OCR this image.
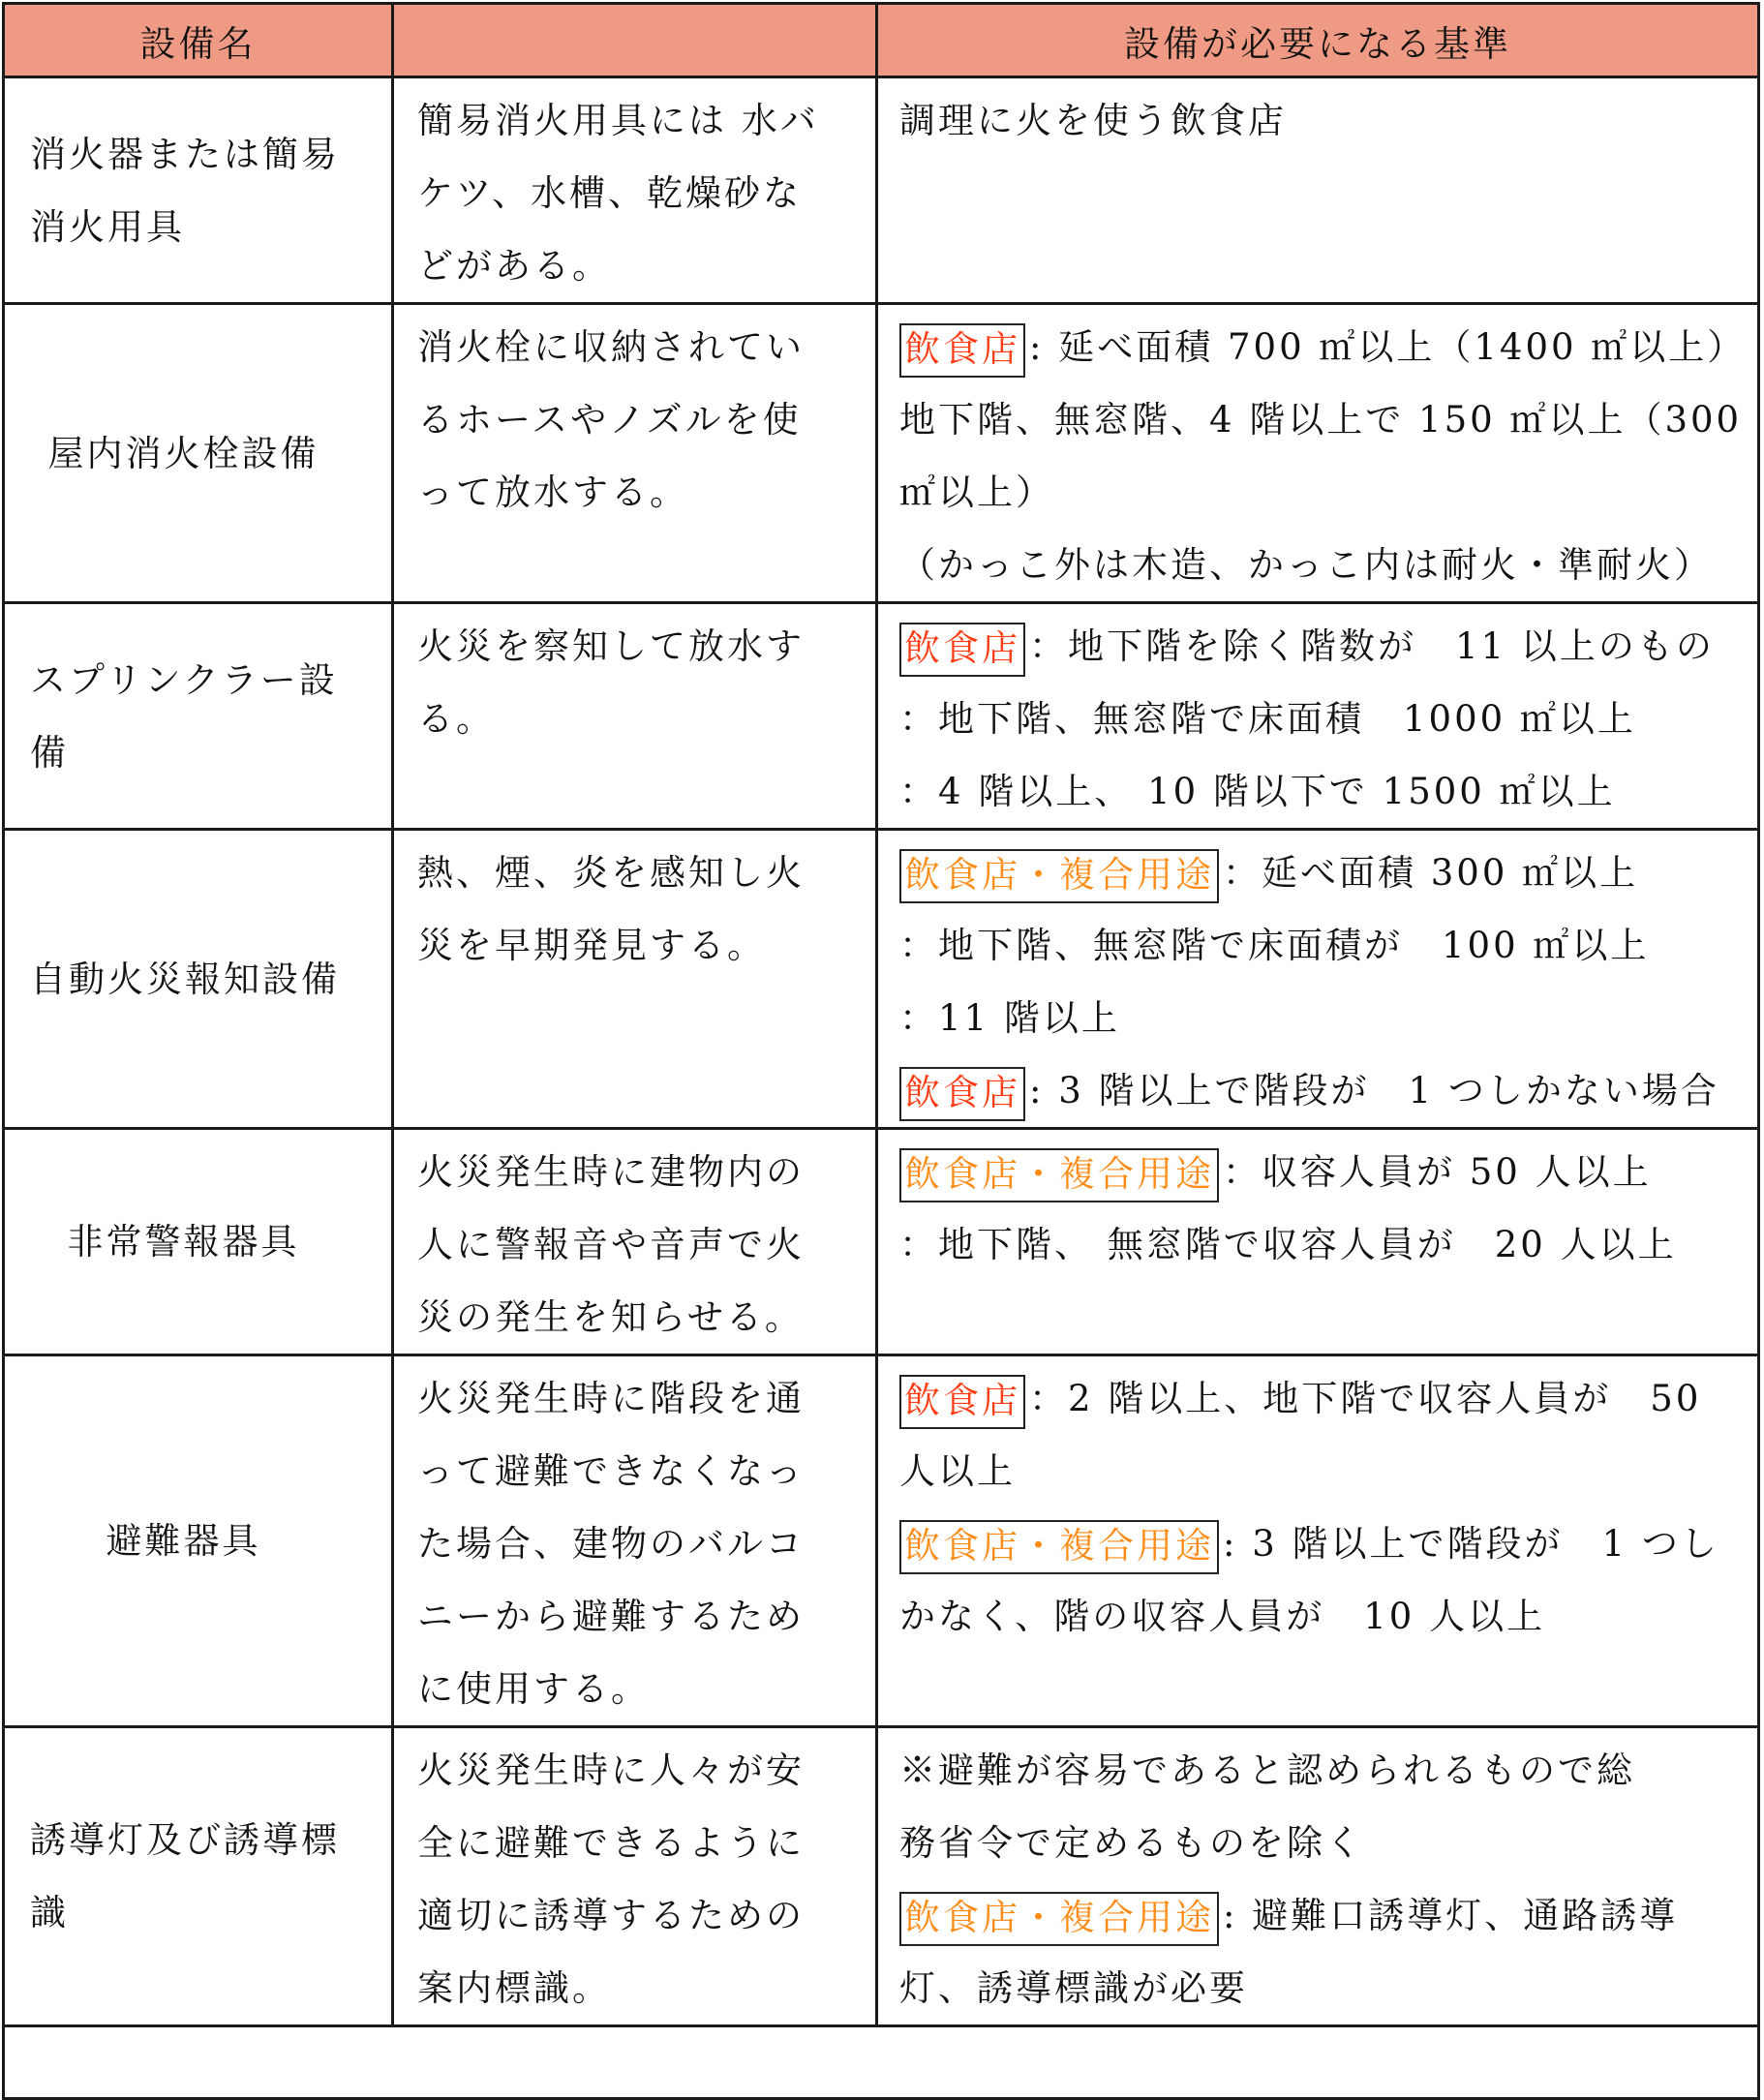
設備名		設備が必要になる基準

消火器または簡易
消火用具	簡易消火用具には 水バ
ケツ、水槽、乾燥砂な
どがある。	調理に火を使う飲食店

屋内消火栓設備	消火栓に収納されてい
るホースやノズルを使
って放水する。	飲食店 : 延べ面積 700 ㎡以上（1400 ㎡以上）
地下階、無窓階、4 階以上で 150 ㎡以上（300
㎡以上）
（かっこ外は木造、かっこ内は耐火・準耐火）

スプリンクラー設
備	火災を察知して放水す
る。	飲食店 ：地下階を除く階数が　11 以上のもの
：地下階、無窓階で床面積　1000 ㎡以上
：4 階以上、 10 階以下で 1500 ㎡以上

自動火災報知設備	熱、煙、炎を感知し火
災を早期発見する。	飲食店・複合用途 ：延べ面積 300 ㎡以上
：地下階、無窓階で床面積が　100 ㎡以上
：11 階以上
飲食店 : 3 階以上で階段が　1 つしかない場合

非常警報器具	火災発生時に建物内の
人に警報音や音声で火
災の発生を知らせる。	飲食店・複合用途 ：収容人員が 50 人以上
：地下階、 無窓階で収容人員が　20 人以上

避難器具	火災発生時に階段を通
って避難できなくなっ
た場合、建物のバルコ
ニーから避難するため
に使用する。	飲食店 ：2 階以上、地下階で収容人員が　50
人以上
飲食店・複合用途 : 3 階以上で階段が　1 つし
かなく、階の収容人員が　10 人以上

誘導灯及び誘導標
識	火災発生時に人々が安
全に避難できるように
適切に誘導するための
案内標識。	※避難が容易であると認められるもので総
務省令で定めるものを除く
飲食店・複合用途 : 避難口誘導灯、通路誘導
灯、誘導標識が必要
